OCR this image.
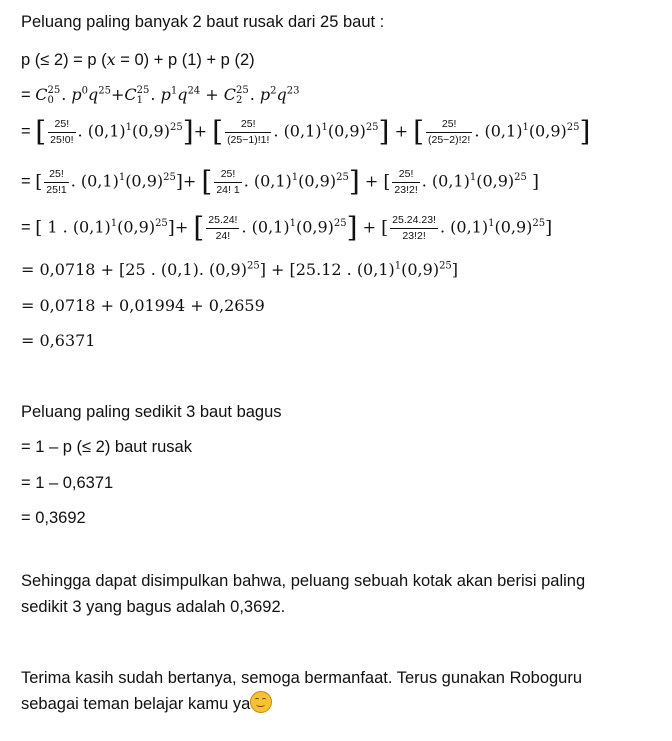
Peluang paling banyak 2 baut rusak dari 25 baut :
p (≤ 2) = p (x = 0) + p (1) + p (2)
= C 25
0 . $p^0q^{25}+C$ 25
1 . $p^1q^{24} + C$ 25
2 . $p^2q^{23}$
= [ $\frac{25!}{25!0!}$ . $(0,1)^1(0,9)^{25}]+$ [ $\frac{25!}{(25-1)!1!}$ . $(0,1)^1(0,9)^{25}$] + [ $\frac{25!}{(25-2)!2!}$ . $(0,1)^1(0,9)^{25}$]
= [ $\frac{25!}{25!1}$ . $(0,1)^1(0,9)^{25}]+$ [ $\frac{25!}{24! 1}$ . $(0,1)^1(0,9)^{25}$] + [ $\frac{25!}{23!2!}$ . $(0,1)^1(0,9)^{25}$ ]
= [ 1 . $(0,1)^1(0,9)^{25}]+$ [ $\frac{25.24!}{24!}$ . $(0,1)^1(0,9)^{25}$] + [ $\frac{25.24.23!}{23!2!}$ . $(0,1)^1(0,9)^{25}$]
= 0,0718 + [25 . (0,1). $(0,9)^{25}] + [25.12$ . $(0,1)^1(0,9)^{25}$]
= 0,0718 + 0,01994 + 0,2659
= 0,6371
Peluang paling sedikit 3 baut bagus
= 1 – p (≤ 2) baut rusak
= 1 – 0,6371
= 0,3692
Sehingga dapat disimpulkan bahwa, peluang sebuah kotak akan berisi paling sedikit 3 yang bagus adalah 0,3692.
Terima kasih sudah bertanya, semoga bermanfaat. Terus gunakan Roboguru sebagai teman belajar kamu ya
